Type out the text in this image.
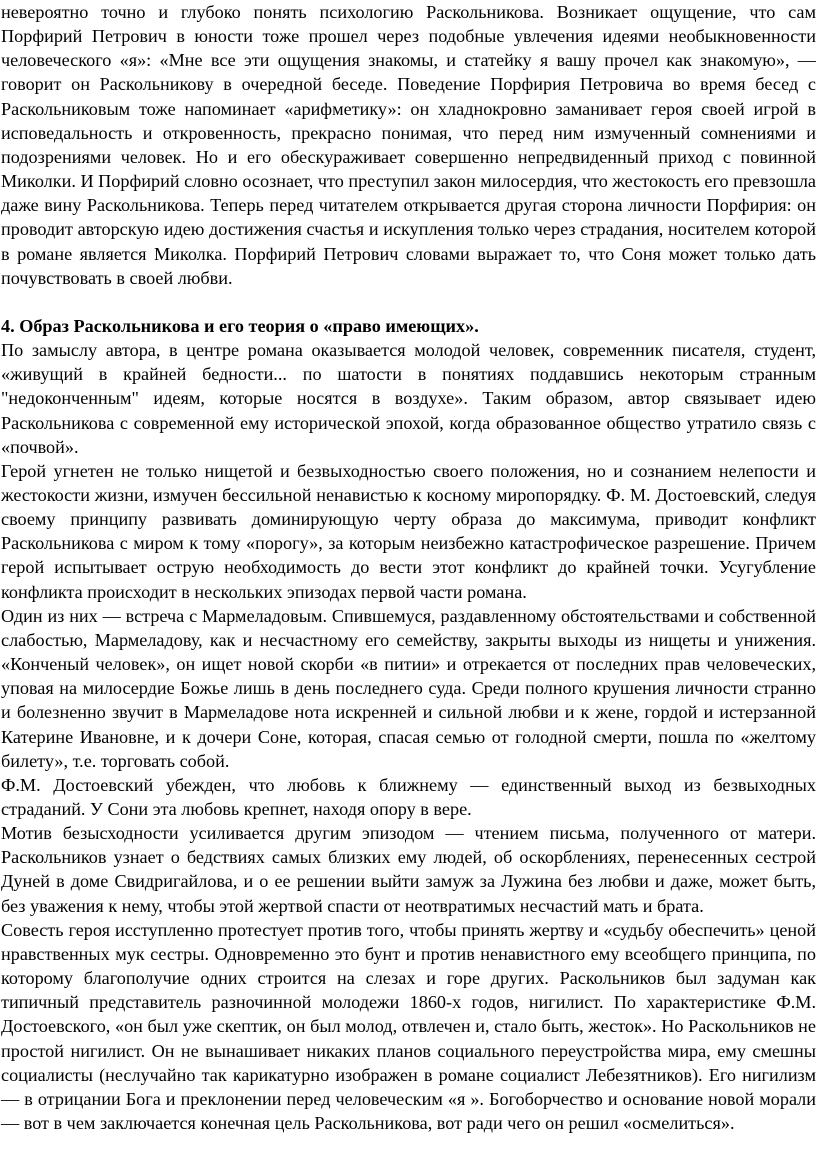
невероятно точно и глубоко понять психологию Раскольникова. Возникает ощущение, что сам Порфирий Петрович в юности тоже прошел через подобные увлечения идеями необыкновенности человеческого «я»: «Мне все эти ощущения знакомы, и статейку я вашу прочел как знакомую», — говорит он Раскольникову в очередной беседе. Поведение Порфирия Петровича во время бесед с Раскольниковым тоже напоминает «арифметику»: он хладнокровно заманивает героя своей игрой в исповедальность и откровенность, прекрасно понимая, что перед ним измученный сомнениями и подозрениями человек. Но и его обескураживает совершенно непредвиденный приход с повинной Миколки. И Порфирий словно осознает, что преступил закон милосердия, что жестокость его превзошла даже вину Раскольникова. Теперь перед читателем открывается другая сторона личности Порфирия: он проводит авторскую идею достижения счастья и искупления только через страдания, носителем которой в романе является Миколка. Порфирий Петрович словами выражает то, что Соня может только дать почувствовать в своей любви.

4. Образ Раскольникова и его теория о «право имеющих».

По замыслу автора, в центре романа оказывается молодой человек, современник писателя, студент, «живущий в крайней бедности... по шатости в понятиях поддавшись некоторым странным "недоконченным" идеям, которые носятся в воздухе». Таким образом, автор связывает идею Раскольникова с современной ему исторической эпохой, когда образованное общество утратило связь с «почвой».

Герой угнетен не только нищетой и безвыходностью своего положения, но и сознанием нелепости и жестокости жизни, измучен бессильной ненавистью к косному миропорядку. Ф. М. Достоевский, следуя своему принципу развивать доминирующую черту образа до максимума, приводит конфликт Раскольникова с миром к тому «порогу», за которым неизбежно катастрофическое разрешение. Причем герой испытывает острую необходимость до вести этот конфликт до крайней точки. Усугубление конфликта происходит в нескольких эпизодах первой части романа.

Один из них — встреча с Мармеладовым. Спившемуся, раздавленному обстоятельствами и собственной слабостью, Мармеладову, как и несчастному его семейству, закрыты выходы из нищеты и унижения. «Конченый человек», он ищет новой скорби «в питии» и отрекается от последних прав человеческих, уповая на милосердие Божье лишь в день последнего суда. Среди полного крушения личности странно и болезненно звучит в Мармеладове нота искренней и сильной любви и к жене, гордой и истерзанной Катерине Ивановне, и к дочери Соне, которая, спасая семью от голодной смерти, пошла по «желтому билету», т.е. торговать собой.

Ф.М. Достоевский убежден, что любовь к ближнему — единственный выход из безвыходных страданий. У Сони эта любовь крепнет, находя опору в вере.

Мотив безысходности усиливается другим эпизодом — чтением письма, полученного от матери. Раскольников узнает о бедствиях самых близких ему людей, об оскорблениях, перенесенных сестрой Дуней в доме Свидригайлова, и о ее решении выйти замуж за Лужина без любви и даже, может быть, без уважения к нему, чтобы этой жертвой спасти от неотвратимых несчастий мать и брата.

Совесть героя исступленно протестует против того, чтобы принять жертву и «судьбу обеспечить» ценой нравственных мук сестры. Одновременно это бунт и против ненавистного ему всеобщего принципа, по которому благополучие одних строится на слезах и горе других. Раскольников был задуман как типичный представитель разночинной молодежи 1860-х годов, нигилист. По характеристике Ф.М. Достоевского, «он был уже скептик, он был молод, отвлечен и, стало быть, жесток». Но Раскольников не простой нигилист. Он не вынашивает никаких планов социального переустройства мира, ему смешны социалисты (неслучайно так карикатурно изображен в романе социалист Лебезятников). Его нигилизм — в отрицании Бога и преклонении перед человеческим «я ». Богоборчество и основание новой морали — вот в чем заключается конечная цель Раскольникова, вот ради чего он решил «осмелиться».
